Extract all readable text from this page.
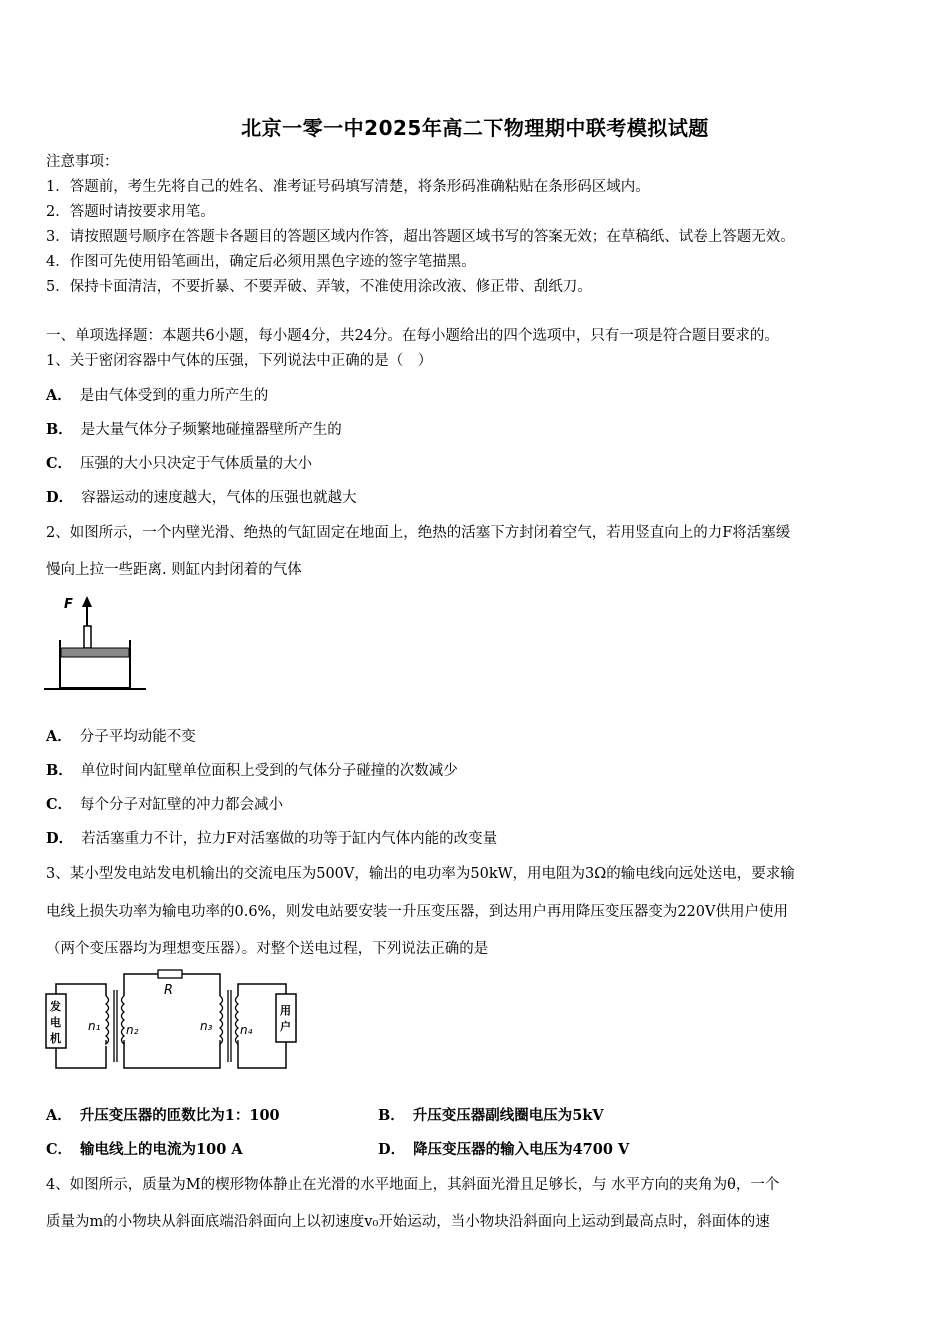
北京一零一中2025年高二下物理期中联考模拟试题
注意事项：
1．答题前，考生先将自己的姓名、准考证号码填写清楚，将条形码准确粘贴在条形码区域内。
2．答题时请按要求用笔。
3．请按照题号顺序在答题卡各题目的答题区域内作答，超出答题区域书写的答案无效；在草稿纸、试卷上答题无效。
4．作图可先使用铅笔画出，确定后必须用黑色字迹的签字笔描黑。
5．保持卡面清洁，不要折暴、不要弄破、弄皱，不准使用涂改液、修正带、刮纸刀。
一、单项选择题：本题共6小题，每小题4分，共24分。在每小题给出的四个选项中，只有一项是符合题目要求的。
1、关于密闭容器中气体的压强，下列说法中正确的是（　）
A． 是由气体受到的重力所产生的
B． 是大量气体分子频繁地碰撞器壁所产生的
C． 压强的大小只决定于气体质量的大小
D． 容器运动的速度越大，气体的压强也就越大
2、如图所示，一个内壁光滑、绝热的气缸固定在地面上，绝热的活塞下方封闭着空气，若用竖直向上的力F将活塞缓
慢向上拉一些距离. 则缸内封闭着的气体
F
A． 分子平均动能不变
B． 单位时间内缸壁单位面积上受到的气体分子碰撞的次数减少
C． 每个分子对缸壁的冲力都会减小
D． 若活塞重力不计，拉力F对活塞做的功等于缸内气体内能的改变量
3、某小型发电站发电机输出的交流电压为500V，输出的电功率为50kW，用电阻为3Ω的输电线向远处送电，要求输
电线上损失功率为输电功率的0.6%，则发电站要安装一升压变压器，到达用户再用降压变压器变为220V供用户使用
（两个变压器均为理想变压器）。对整个送电过程，下列说法正确的是
发
电
机
n₁ n₂
R
n₃ n₄
用
户
A． 升压变压器的匝数比为1：100	B． 升压变压器副线圈电压为5kV
C． 输电线上的电流为100 A	D． 降压变压器的输入电压为4700 V
4、如图所示，质量为M的楔形物体静止在光滑的水平地面上，其斜面光滑且足够长，与 水平方向的夹角为θ，一个
质量为m的小物块从斜面底端沿斜面向上以初速度v₀开始运动，当小物块沿斜面向上运动到最高点时，斜面体的速
